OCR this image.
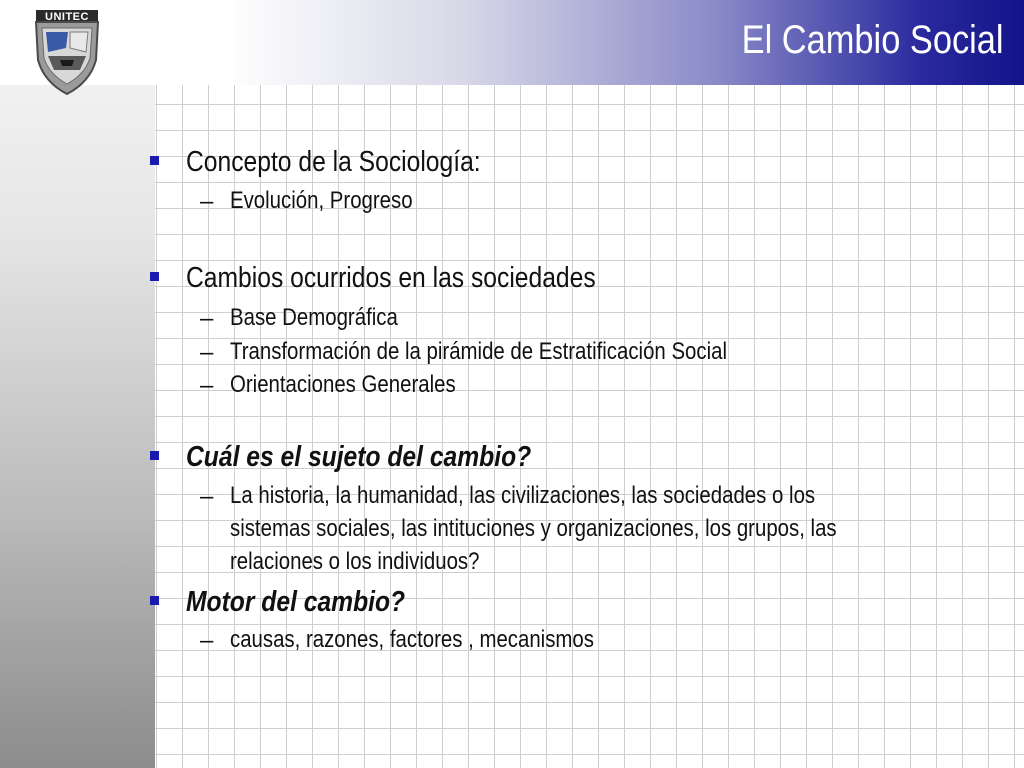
UNITEC
El Cambio Social
Concepto de la Sociología:
– Evolución, Progreso
Cambios ocurridos en las sociedades
– Base Demográfica
– Transformación de la pirámide de Estratificación Social
– Orientaciones Generales
Cuál es el sujeto del cambio?
– La historia, la humanidad, las civilizaciones, las sociedades o los
sistemas sociales, las intituciones y organizaciones, los grupos, las
relaciones o los individuos?
Motor del cambio?
– causas, razones, factores , mecanismos
